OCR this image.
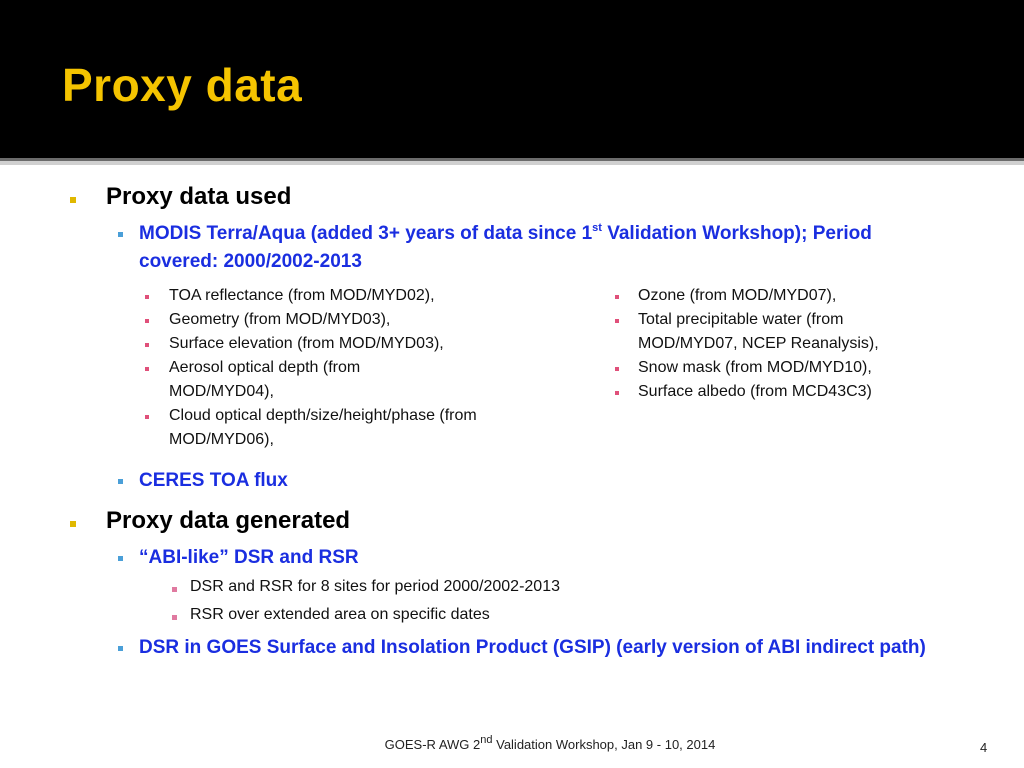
Proxy data
Proxy data used
MODIS Terra/Aqua (added 3+ years of data since 1st Validation Workshop); Period
covered: 2000/2002-2013
TOA reflectance (from MOD/MYD02),
Geometry (from MOD/MYD03),
Surface elevation (from MOD/MYD03),
Aerosol optical depth (from MOD/MYD04),
Cloud optical depth/size/height/phase (from MOD/MYD06),
Ozone (from MOD/MYD07),
Total precipitable water (from MOD/MYD07, NCEP Reanalysis),
Snow mask (from MOD/MYD10),
Surface albedo (from MCD43C3)
CERES TOA flux
Proxy data generated
“ABI-like” DSR and RSR
DSR and RSR for 8 sites for period 2000/2002-2013
RSR over extended area on specific dates
DSR in GOES Surface and Insolation Product (GSIP) (early version of ABI indirect path)
GOES-R AWG 2nd Validation Workshop, Jan 9 - 10, 2014	4
